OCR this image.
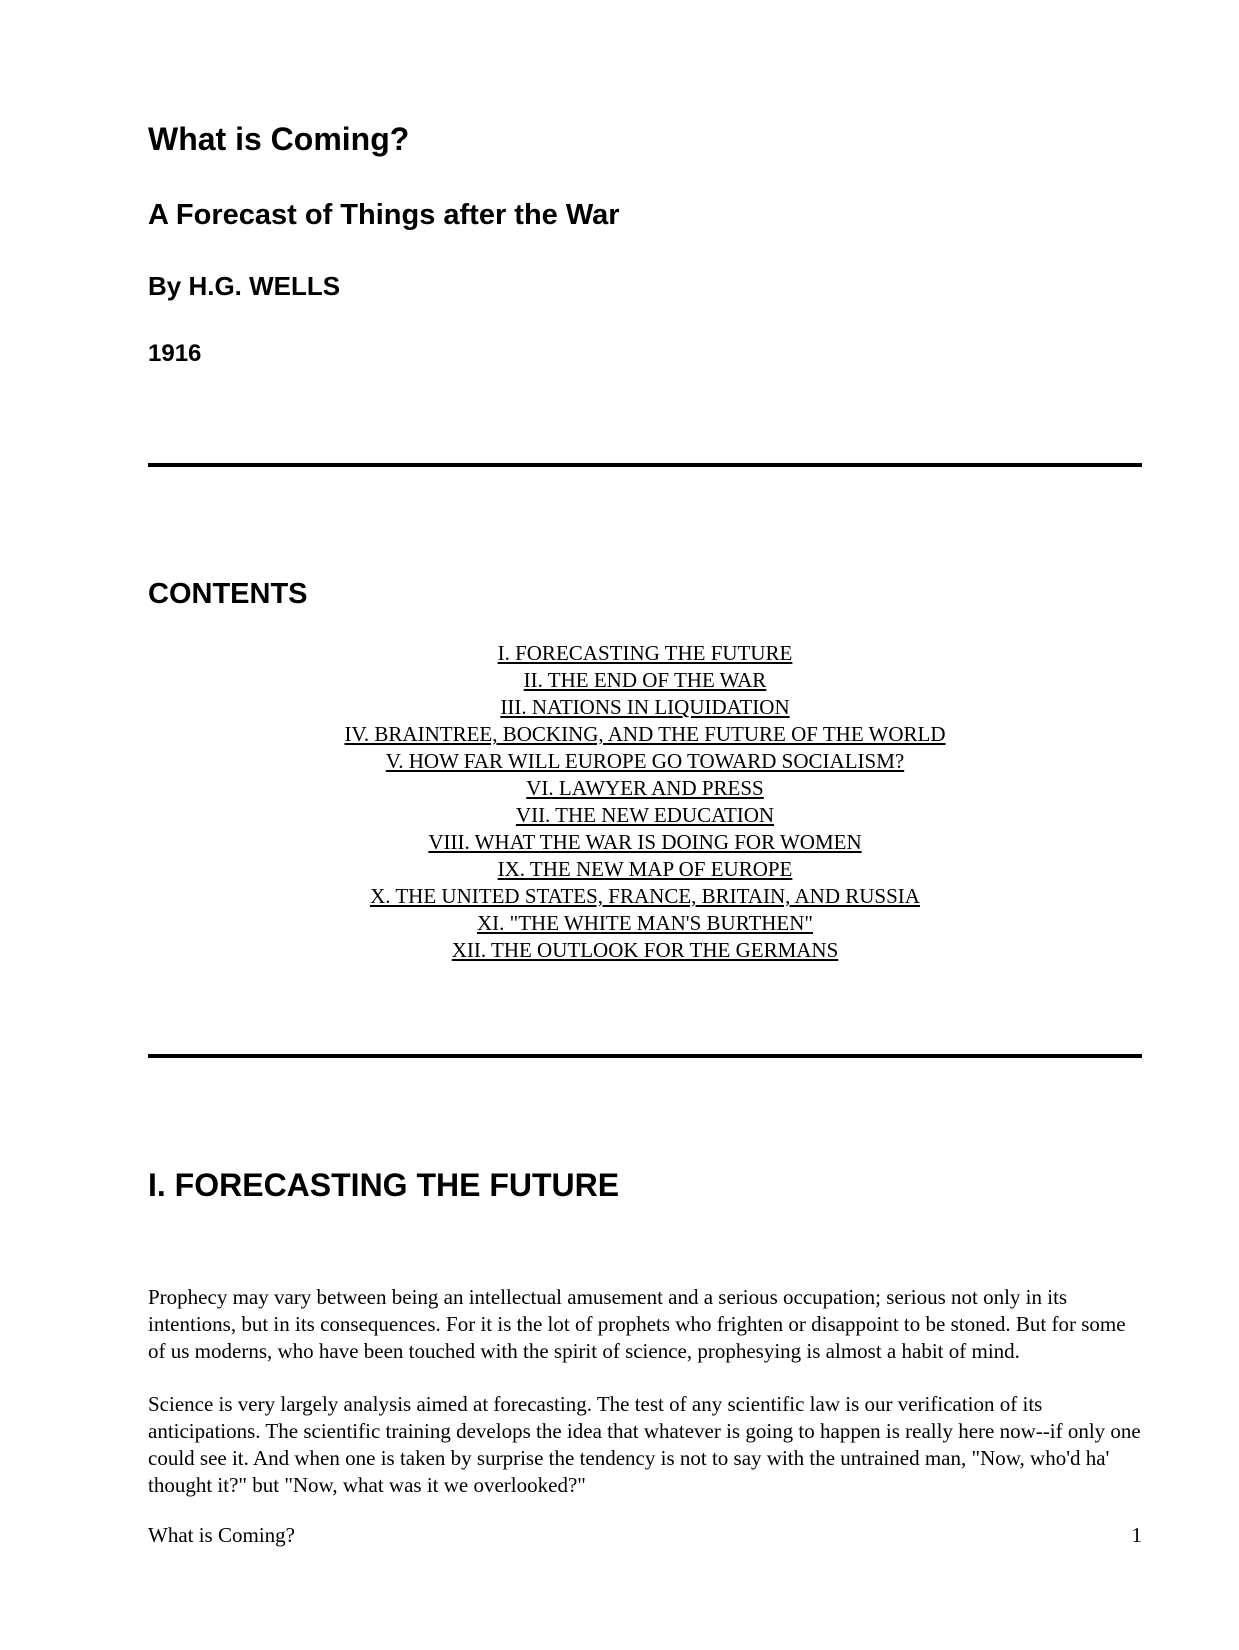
What is Coming?
A Forecast of Things after the War
By H.G. WELLS
1916
CONTENTS
I. FORECASTING THE FUTURE
II. THE END OF THE WAR
III. NATIONS IN LIQUIDATION
IV. BRAINTREE, BOCKING, AND THE FUTURE OF THE WORLD
V. HOW FAR WILL EUROPE GO TOWARD SOCIALISM?
VI. LAWYER AND PRESS
VII. THE NEW EDUCATION
VIII. WHAT THE WAR IS DOING FOR WOMEN
IX. THE NEW MAP OF EUROPE
X. THE UNITED STATES, FRANCE, BRITAIN, AND RUSSIA
XI. "THE WHITE MAN'S BURTHEN"
XII. THE OUTLOOK FOR THE GERMANS
I. FORECASTING THE FUTURE

Prophecy may vary between being an intellectual amusement and a serious occupation; serious not only in its intentions, but in its consequences. For it is the lot of prophets who frighten or disappoint to be stoned. But for some of us moderns, who have been touched with the spirit of science, prophesying is almost a habit of mind.

Science is very largely analysis aimed at forecasting. The test of any scientific law is our verification of its anticipations. The scientific training develops the idea that whatever is going to happen is really here now--if only one could see it. And when one is taken by surprise the tendency is not to say with the untrained man, "Now, who'd ha' thought it?" but "Now, what was it we overlooked?"

What is Coming?	1
